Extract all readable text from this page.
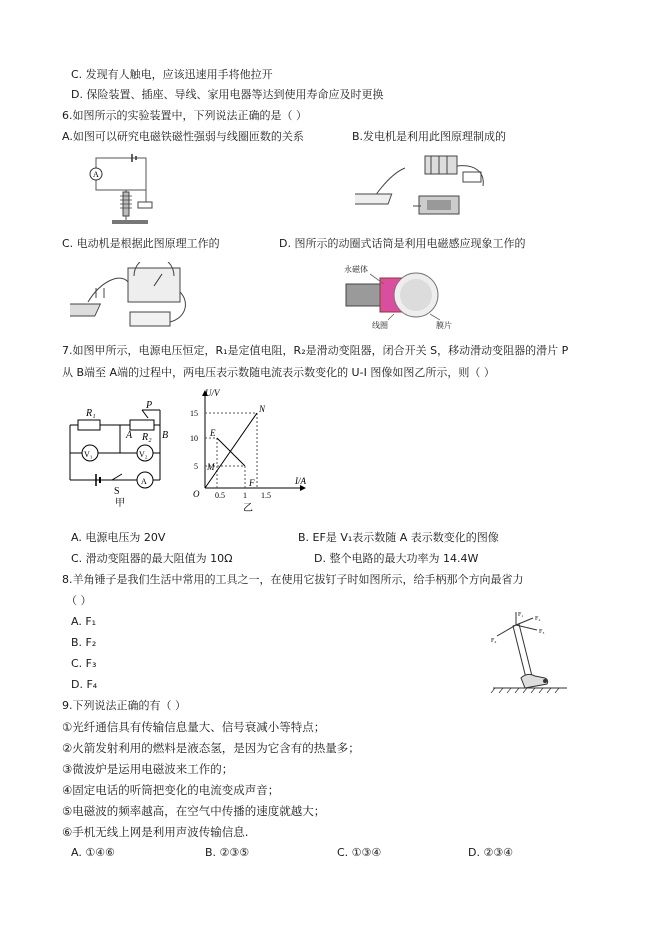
C. 发现有人触电，应该迅速用手将他拉开
D. 保险装置、插座、导线、家用电器等达到使用寿命应及时更换
6.如图所示的实验装置中，下列说法正确的是（ ）
A.如图可以研究电磁铁磁性强弱与线圈匝数的关系	B.发电机是利用此图原理制成的
A
C. 电动机是根据此图原理工作的	D. 图所示的动圈式话筒是利用电磁感应现象工作的
永磁体
线圈	膜片
7.如图甲所示，电源电压恒定，R₁是定值电阻，R₂是滑动变阻器，闭合开关 S，移动滑动变阻器的滑片 P
从 B端至 A端的过程中，两电压表示数随电流表示数变化的 U-I 图像如图乙所示，则（ ）
R₁
R₂
P
A	B
V₁	V₂
A
S
甲
U/V
I/A
15
10
5
0.5 1 1.5
O
N
E
M
F
乙
A. 电源电压为 20V	B. EF是 V₁表示数随 A 表示数变化的图像
C. 滑动变阻器的最大阻值为 10Ω	D. 整个电路的最大功率为 14.4W
8.羊角锤子是我们生活中常用的工具之一，在使用它拔钉子时如图所示，给手柄那个方向最省力
（ ）
A. F₁
B. F₂
C. F₃
D. F₄
F₁
F₂
F₃
F₄
9.下列说法正确的有（ ）
①光纤通信具有传输信息量大、信号衰减小等特点；
②火箭发射利用的燃料是液态氢，是因为它含有的热量多；
③微波炉是运用电磁波来工作的；
④固定电话的听筒把变化的电流变成声音；
⑤电磁波的频率越高，在空气中传播的速度就越大；
⑥手机无线上网是利用声波传输信息.
A. ①④⑥	B. ②③⑤	C. ①③④	D. ②③④
